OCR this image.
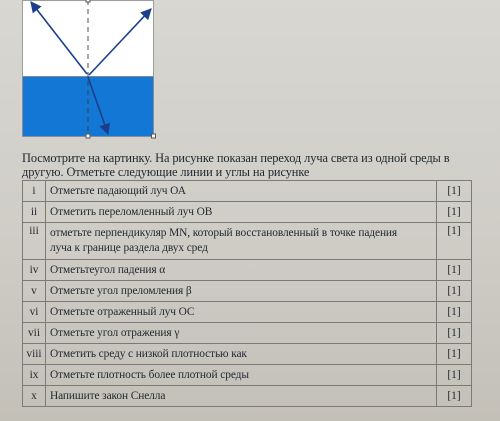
Посмотрите на картинку. На рисунке показан переход луча света из одной среды в
другую. Отметьте следующие линии и углы на рисунке
i	Отметьте падающий луч ОА	[1]
ii	Отметить переломленный луч ОВ	[1]
iii	отметьте перпендикуляр MN, который восстановленный в точке падения
луча к границе раздела двух сред	[1]
iv	Отметьтеугол падения α	[1]
v	Отметьте угол преломления β	[1]
vi	Отметьте отраженный луч ОС	[1]
vii	Отметьте угол отражения γ	[1]
viii	Отметить среду с низкой плотностью как	[1]
ix	Отметьте плотность более плотной среды	[1]
x	Напишите закон Снелла	[1]
